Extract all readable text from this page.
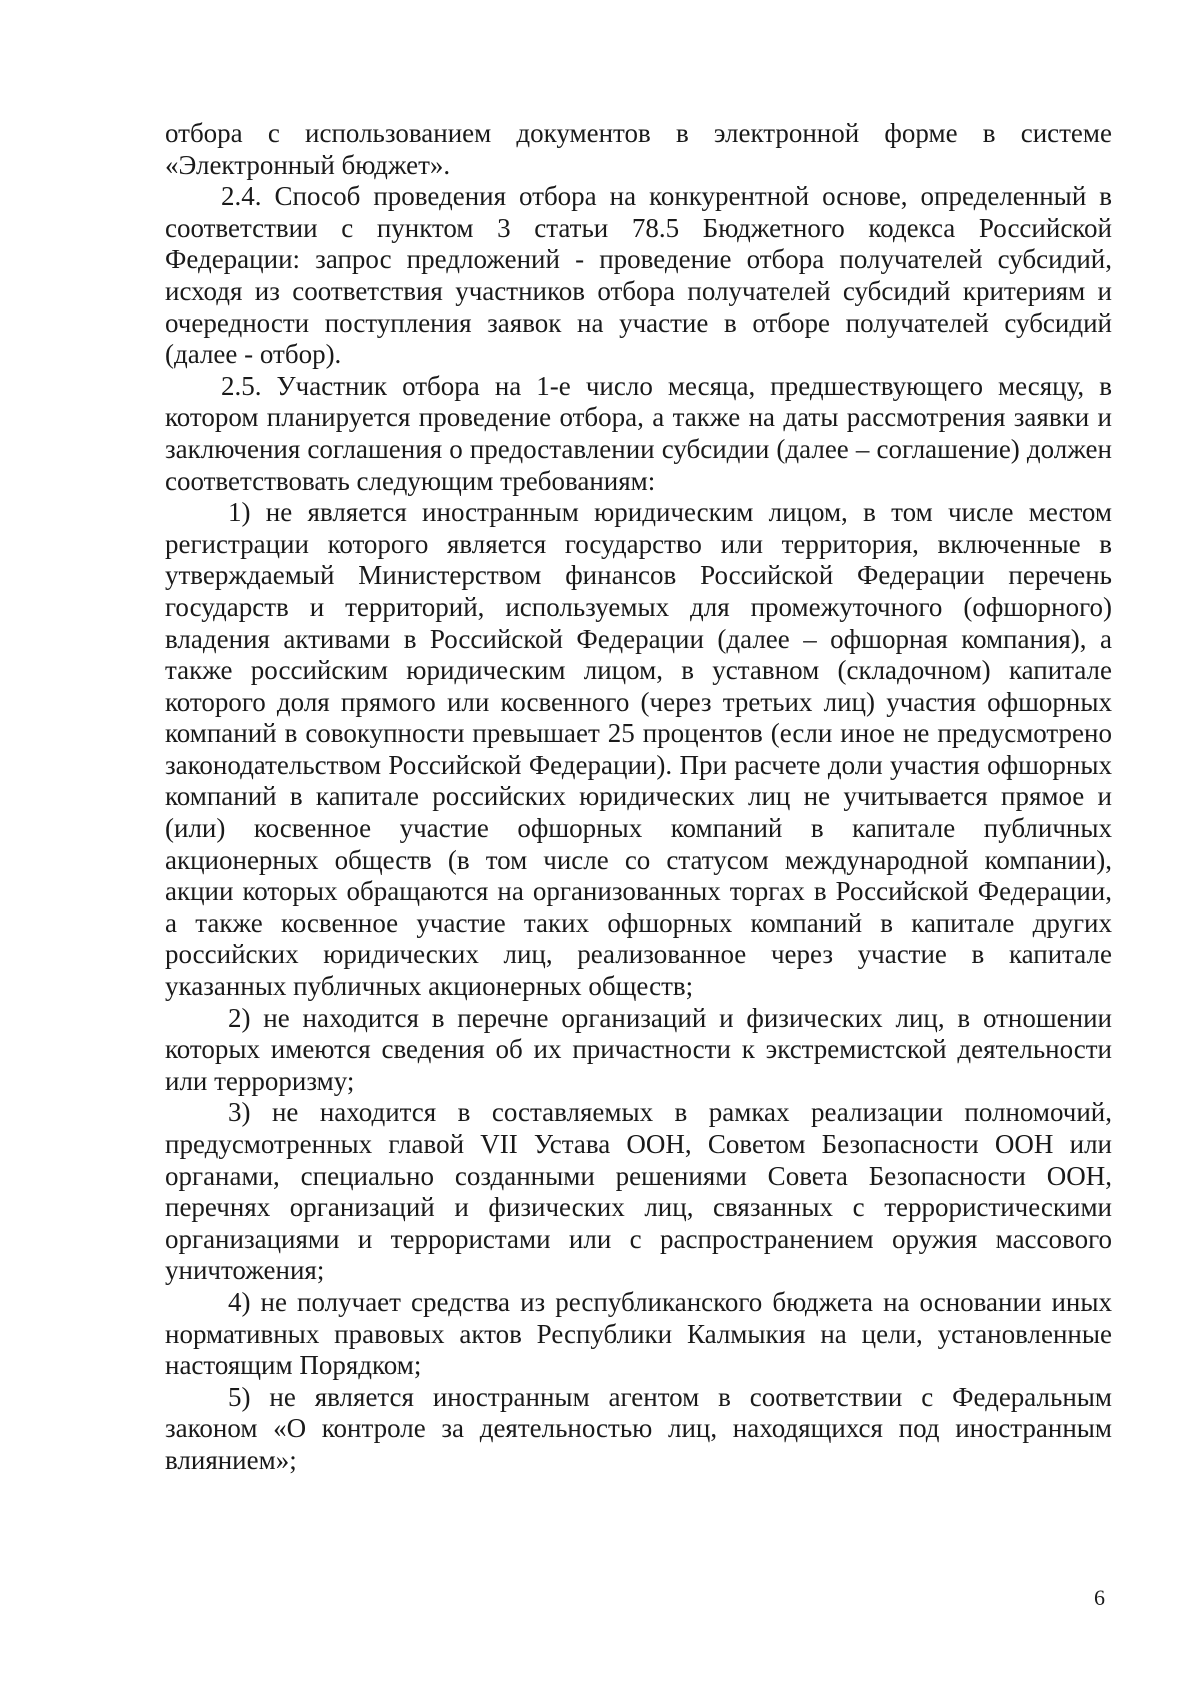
отбора с использованием документов в электронной форме в системе «Электронный бюджет».

2.4. Способ проведения отбора на конкурентной основе, определенный в соответствии с пунктом 3 статьи 78.5 Бюджетного кодекса Российской Федерации: запрос предложений - проведение отбора получателей субсидий, исходя из соответствия участников отбора получателей субсидий критериям и очередности поступления заявок на участие в отборе получателей субсидий (далее - отбор).

2.5. Участник отбора на 1-е число месяца, предшествующего месяцу, в котором планируется проведение отбора, а также на даты рассмотрения заявки и заключения соглашения о предоставлении субсидии (далее – соглашение) должен соответствовать следующим требованиям:

1) не является иностранным юридическим лицом, в том числе местом регистрации которого является государство или территория, включенные в утверждаемый Министерством финансов Российской Федерации перечень государств и территорий, используемых для промежуточного (офшорного) владения активами в Российской Федерации (далее – офшорная компания), а также российским юридическим лицом, в уставном (складочном) капитале которого доля прямого или косвенного (через третьих лиц) участия офшорных компаний в совокупности превышает 25 процентов (если иное не предусмотрено законодательством Российской Федерации). При расчете доли участия офшорных компаний в капитале российских юридических лиц не учитывается прямое и (или) косвенное участие офшорных компаний в капитале публичных акционерных обществ (в том числе со статусом международной компании), акции которых обращаются на организованных торгах в Российской Федерации, а также косвенное участие таких офшорных компаний в капитале других российских юридических лиц, реализованное через участие в капитале указанных публичных акционерных обществ;

2) не находится в перечне организаций и физических лиц, в отношении которых имеются сведения об их причастности к экстремистской деятельности или терроризму;

3) не находится в составляемых в рамках реализации полномочий, предусмотренных главой VII Устава ООН, Советом Безопасности ООН или органами, специально созданными решениями Совета Безопасности ООН, перечнях организаций и физических лиц, связанных с террористическими организациями и террористами или с распространением оружия массового уничтожения;

4) не получает средства из республиканского бюджета на основании иных нормативных правовых актов Республики Калмыкия на цели, установленные настоящим Порядком;

5) не является иностранным агентом в соответствии с Федеральным законом «О контроле за деятельностью лиц, находящихся под иностранным влиянием»;

6
